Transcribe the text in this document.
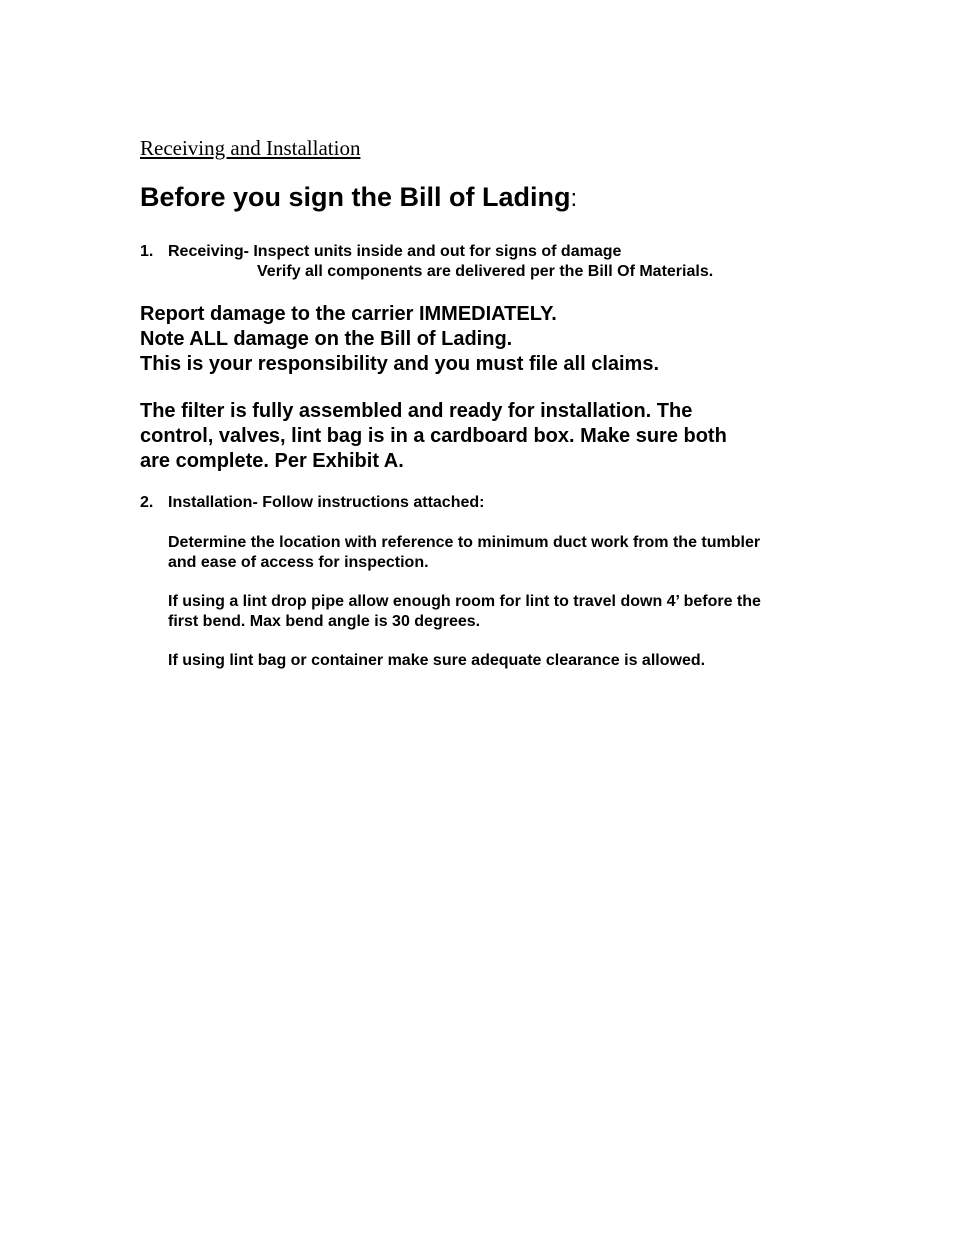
Receiving and Installation
Before you sign the Bill of Lading:
1. Receiving- Inspect units inside and out for signs of damage
Verify all components are delivered per the Bill Of Materials.
Report damage to the carrier IMMEDIATELY.
Note ALL damage on the Bill of Lading.
This is your responsibility and you must file all claims.
The filter is fully assembled and ready for installation. The
control, valves, lint bag is in a cardboard box. Make sure both
are complete. Per Exhibit A.
2. Installation- Follow instructions attached:
Determine the location with reference to minimum duct work from the tumbler
and ease of access for inspection.
If using a lint drop pipe allow enough room for lint to travel down 4’ before the
first bend. Max bend angle is 30 degrees.
If using lint bag or container make sure adequate clearance is allowed.
